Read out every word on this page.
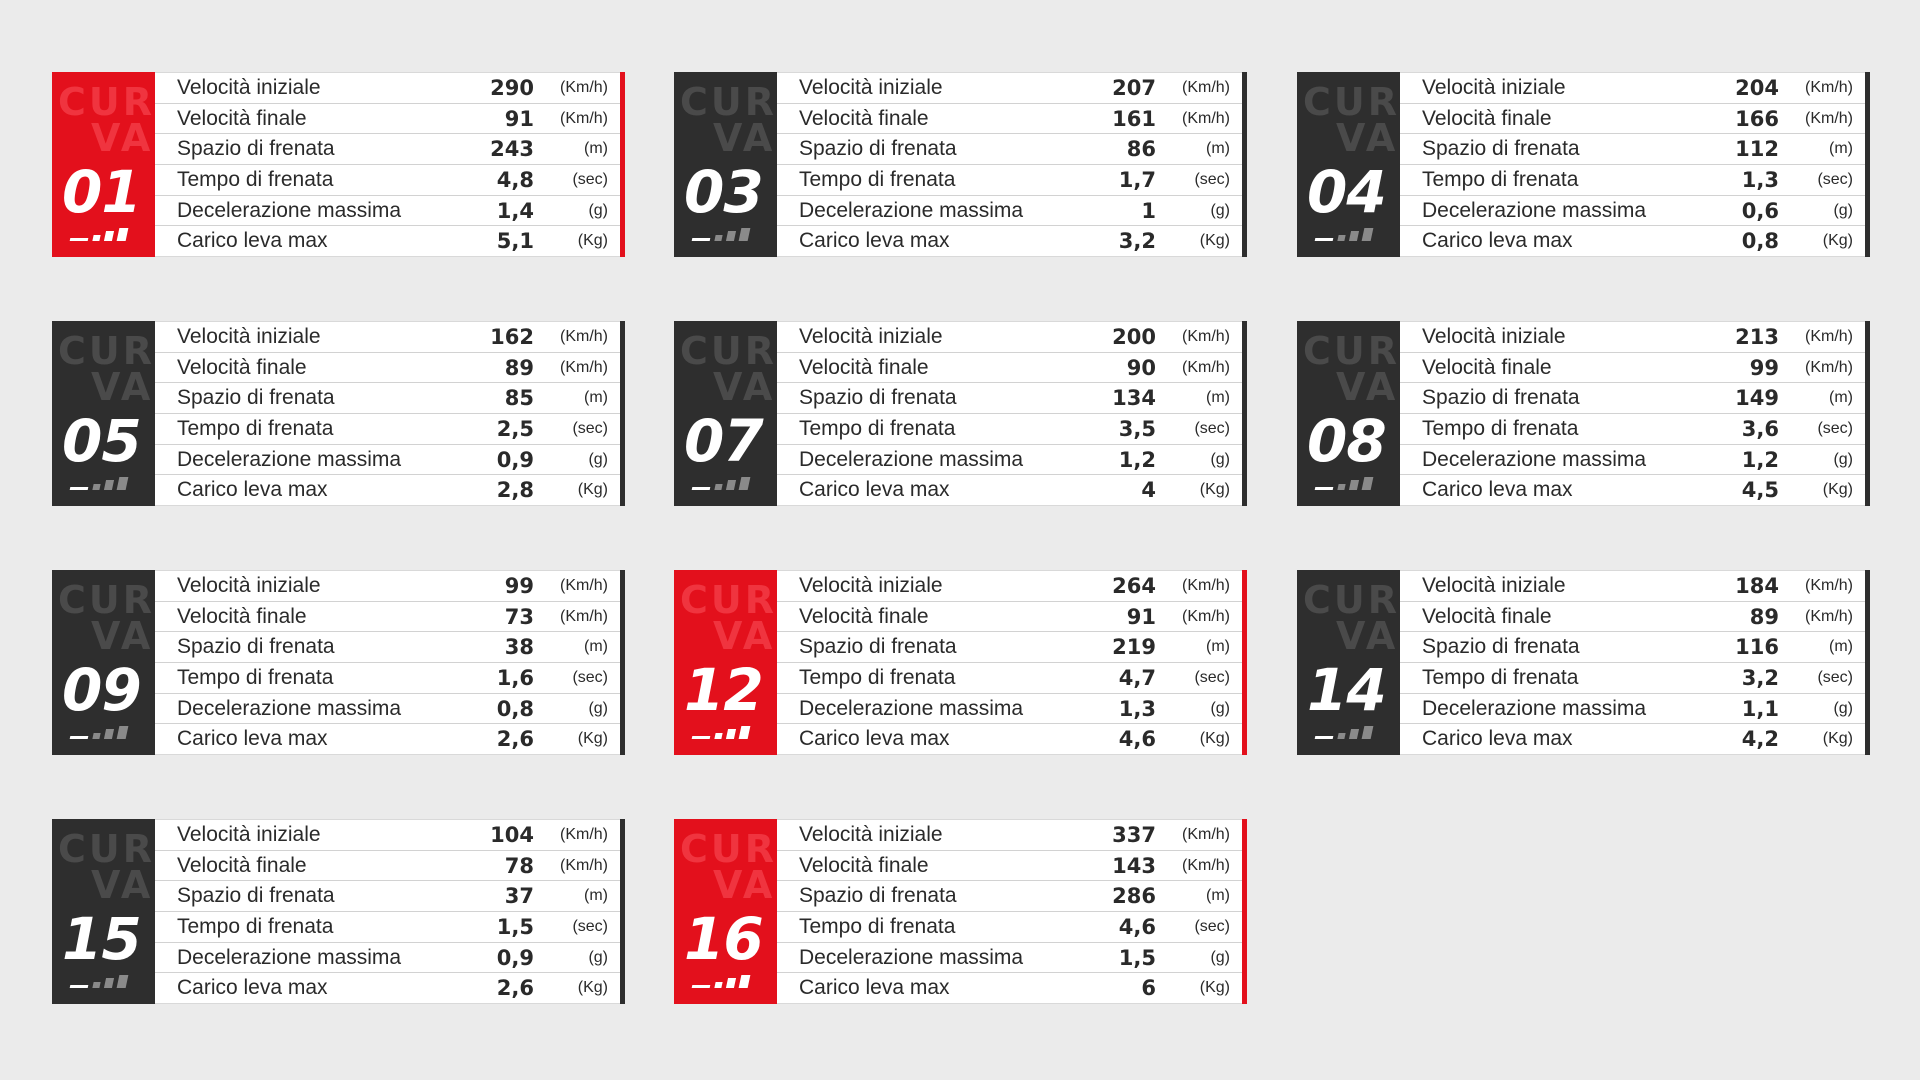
CUR
VA
01
Velocità iniziale	290	(Km/h)
Velocità finale	91	(Km/h)
Spazio di frenata	243	(m)
Tempo di frenata	4,8	(sec)
Decelerazione massima	1,4	(g)
Carico leva max	5,1	(Kg)
CUR
VA
03
Velocità iniziale	207	(Km/h)
Velocità finale	161	(Km/h)
Spazio di frenata	86	(m)
Tempo di frenata	1,7	(sec)
Decelerazione massima	1	(g)
Carico leva max	3,2	(Kg)
CUR
VA
04
Velocità iniziale	204	(Km/h)
Velocità finale	166	(Km/h)
Spazio di frenata	112	(m)
Tempo di frenata	1,3	(sec)
Decelerazione massima	0,6	(g)
Carico leva max	0,8	(Kg)
CUR
VA
05
Velocità iniziale	162	(Km/h)
Velocità finale	89	(Km/h)
Spazio di frenata	85	(m)
Tempo di frenata	2,5	(sec)
Decelerazione massima	0,9	(g)
Carico leva max	2,8	(Kg)
CUR
VA
07
Velocità iniziale	200	(Km/h)
Velocità finale	90	(Km/h)
Spazio di frenata	134	(m)
Tempo di frenata	3,5	(sec)
Decelerazione massima	1,2	(g)
Carico leva max	4	(Kg)
CUR
VA
08
Velocità iniziale	213	(Km/h)
Velocità finale	99	(Km/h)
Spazio di frenata	149	(m)
Tempo di frenata	3,6	(sec)
Decelerazione massima	1,2	(g)
Carico leva max	4,5	(Kg)
CUR
VA
09
Velocità iniziale	99	(Km/h)
Velocità finale	73	(Km/h)
Spazio di frenata	38	(m)
Tempo di frenata	1,6	(sec)
Decelerazione massima	0,8	(g)
Carico leva max	2,6	(Kg)
CUR
VA
12
Velocità iniziale	264	(Km/h)
Velocità finale	91	(Km/h)
Spazio di frenata	219	(m)
Tempo di frenata	4,7	(sec)
Decelerazione massima	1,3	(g)
Carico leva max	4,6	(Kg)
CUR
VA
14
Velocità iniziale	184	(Km/h)
Velocità finale	89	(Km/h)
Spazio di frenata	116	(m)
Tempo di frenata	3,2	(sec)
Decelerazione massima	1,1	(g)
Carico leva max	4,2	(Kg)
CUR
VA
15
Velocità iniziale	104	(Km/h)
Velocità finale	78	(Km/h)
Spazio di frenata	37	(m)
Tempo di frenata	1,5	(sec)
Decelerazione massima	0,9	(g)
Carico leva max	2,6	(Kg)
CUR
VA
16
Velocità iniziale	337	(Km/h)
Velocità finale	143	(Km/h)
Spazio di frenata	286	(m)
Tempo di frenata	4,6	(sec)
Decelerazione massima	1,5	(g)
Carico leva max	6	(Kg)
